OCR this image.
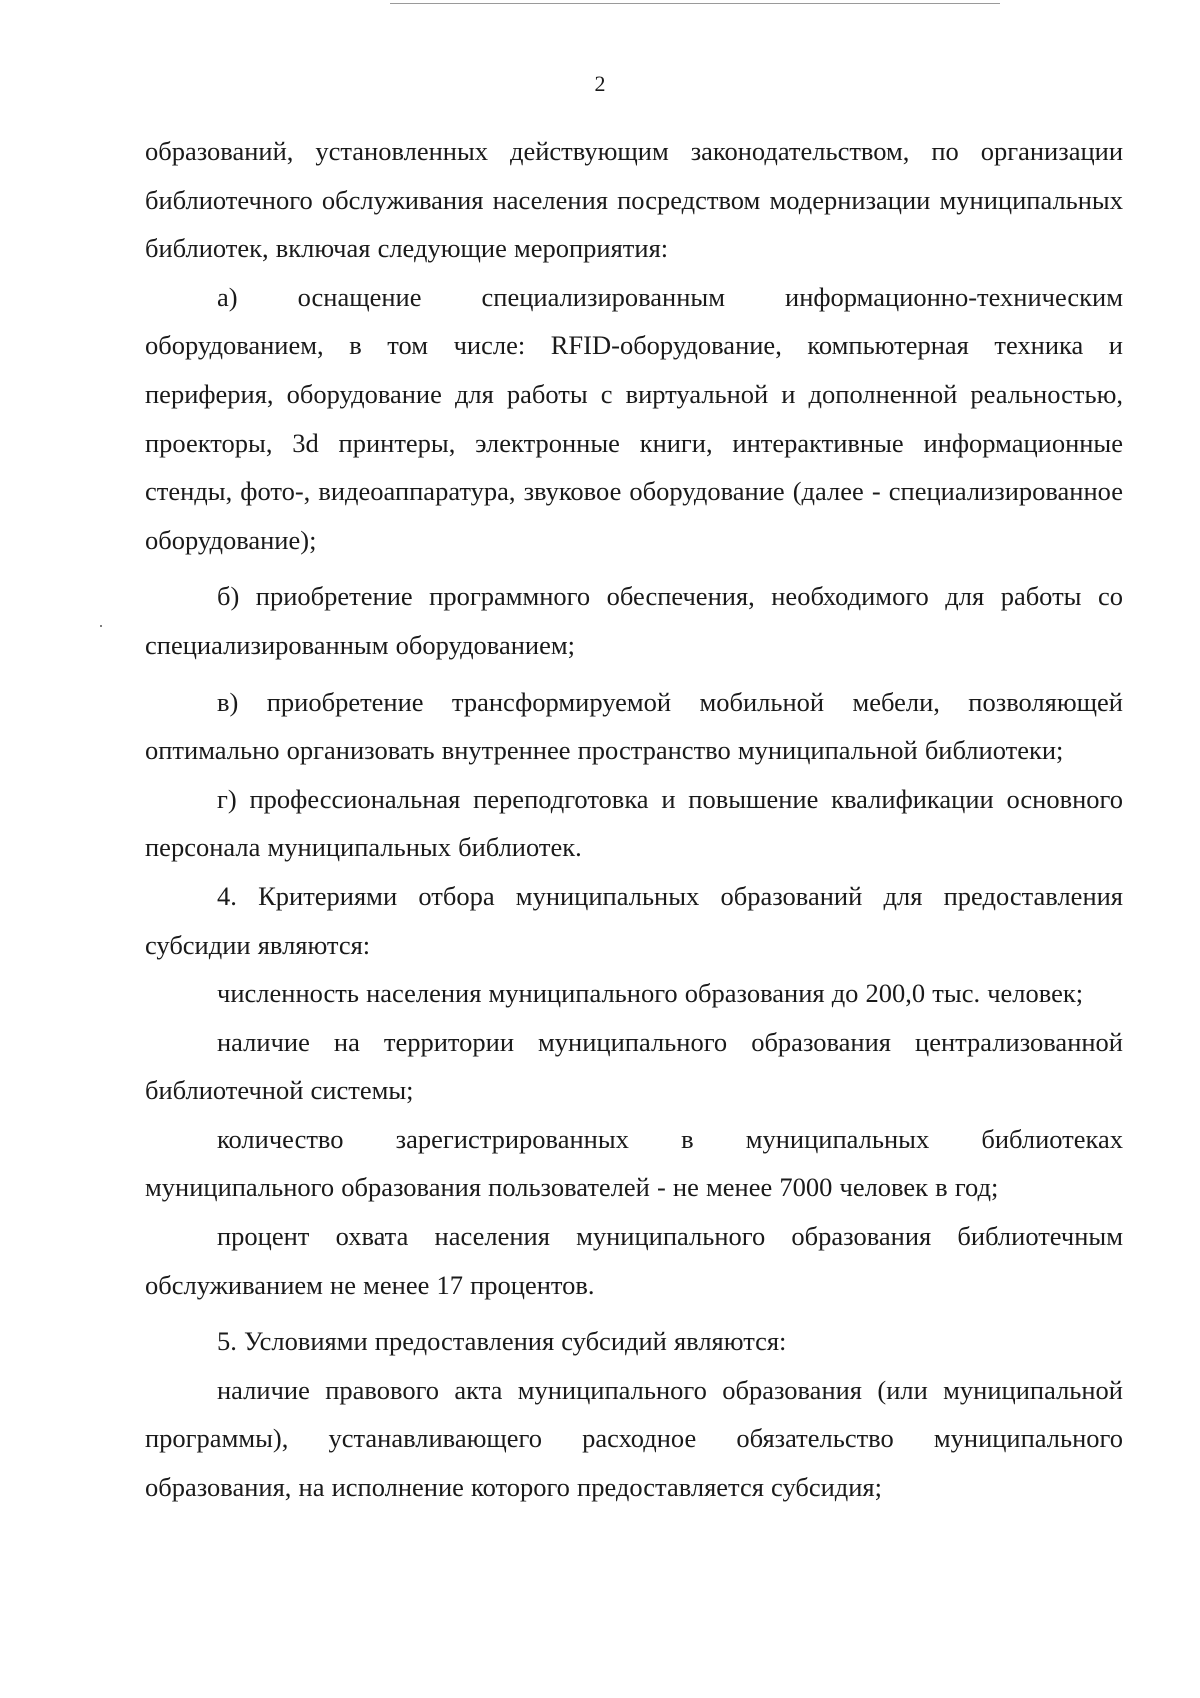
2

образований, установленных действующим законодательством, по организации библиотечного обслуживания населения посредством модернизации муниципальных библиотек, включая следующие мероприятия:

а) оснащение специализированным информационно-техническим оборудованием, в том числе: RFID-оборудование, компьютерная техника и периферия, оборудование для работы с виртуальной и дополненной реальностью, проекторы, 3d принтеры, электронные книги, интерактивные информационные стенды, фото-, видеоаппаратура, звуковое оборудование (далее - специализированное оборудование);

б) приобретение программного обеспечения, необходимого для работы со специализированным оборудованием;

в) приобретение трансформируемой мобильной мебели, позволяющей оптимально организовать внутреннее пространство муниципальной библиотеки;

г) профессиональная переподготовка и повышение квалификации основного персонала муниципальных библиотек.

4. Критериями отбора муниципальных образований для предоставления субсидии являются:

численность населения муниципального образования до 200,0 тыс. человек;

наличие на территории муниципального образования централизованной библиотечной системы;

количество зарегистрированных в муниципальных библиотеках муниципального образования пользователей - не менее 7000 человек в год;

процент охвата населения муниципального образования библиотечным обслуживанием не менее 17 процентов.

5. Условиями предоставления субсидий являются:

наличие правового акта муниципального образования (или муниципальной программы), устанавливающего расходное обязательство муниципального образования, на исполнение которого предоставляется субсидия;
